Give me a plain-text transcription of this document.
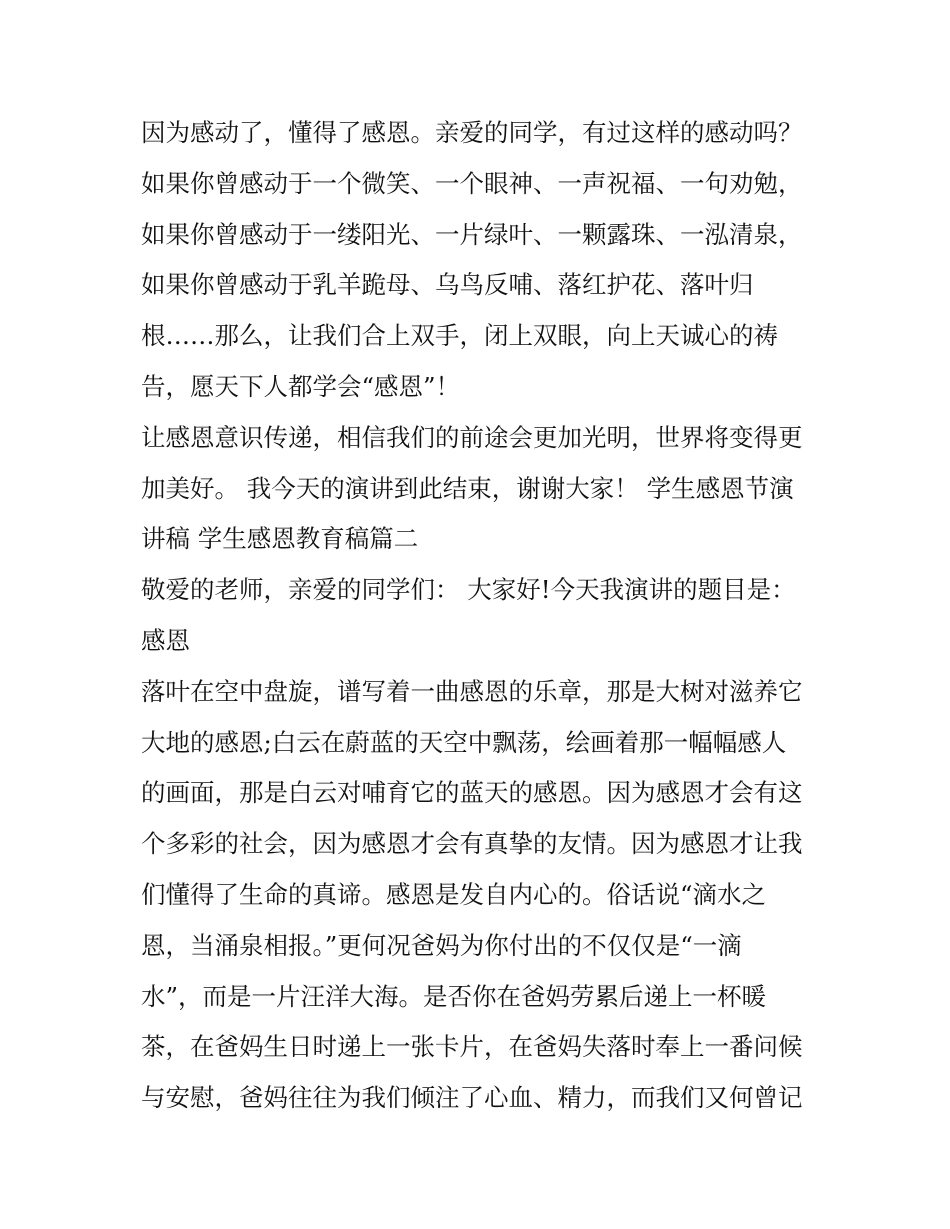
因为感动了，懂得了感恩。亲爱的同学，有过这样的感动吗？
如果你曾感动于一个微笑、一个眼神、一声祝福、一句劝勉，
如果你曾感动于一缕阳光、一片绿叶、一颗露珠、一泓清泉，
如果你曾感动于乳羊跪母、乌鸟反哺、落红护花、落叶归
根……那么，让我们合上双手，闭上双眼，向上天诚心的祷
告，愿天下人都学会“感恩”！
让感恩意识传递，相信我们的前途会更加光明，世界将变得更
加美好。 我今天的演讲到此结束，谢谢大家！ 学生感恩节演
讲稿 学生感恩教育稿篇二
敬爱的老师，亲爱的同学们： 大家好!今天我演讲的题目是：
感恩
落叶在空中盘旋，谱写着一曲感恩的乐章，那是大树对滋养它
大地的感恩;白云在蔚蓝的天空中飘荡，绘画着那一幅幅感人
的画面，那是白云对哺育它的蓝天的感恩。因为感恩才会有这
个多彩的社会，因为感恩才会有真挚的友情。因为感恩才让我
们懂得了生命的真谛。感恩是发自内心的。俗话说“滴水之
恩，当涌泉相报。”更何况爸妈为你付出的不仅仅是“一滴
水”，而是一片汪洋大海。是否你在爸妈劳累后递上一杯暖
茶，在爸妈生日时递上一张卡片，在爸妈失落时奉上一番问候
与安慰，爸妈往往为我们倾注了心血、精力，而我们又何曾记
